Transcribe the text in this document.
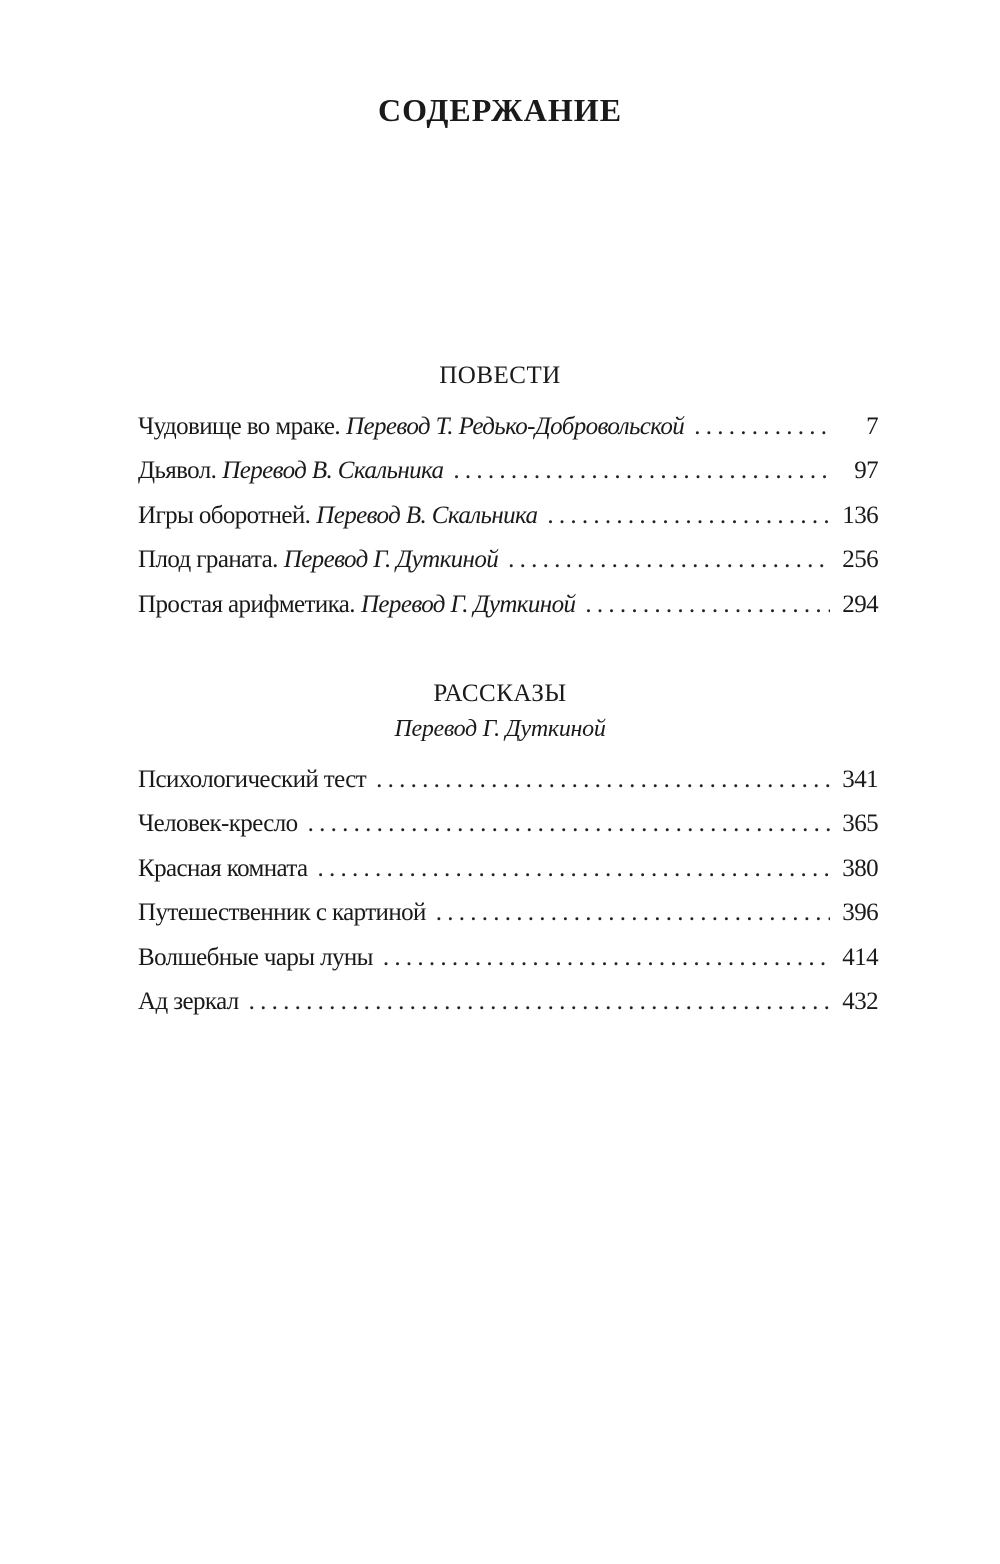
СОДЕРЖАНИЕ
ПОВЕСТИ
Чудовище во мраке. Перевод Т. Редько-Добровольской . . .	7
Дьявол. Перевод В. Скальника . . .	97
Игры оборотней. Перевод В. Скальника . . .	136
Плод граната. Перевод Г. Дуткиной . . .	256
Простая арифметика. Перевод Г. Дуткиной . . .	294
РАССКАЗЫ
Перевод Г. Дуткиной
Психологический тест . . .	341
Человек-кресло . . .	365
Красная комната . . .	380
Путешественник с картиной . . .	396
Волшебные чары луны . . .	414
Ад зеркал . . .	432
